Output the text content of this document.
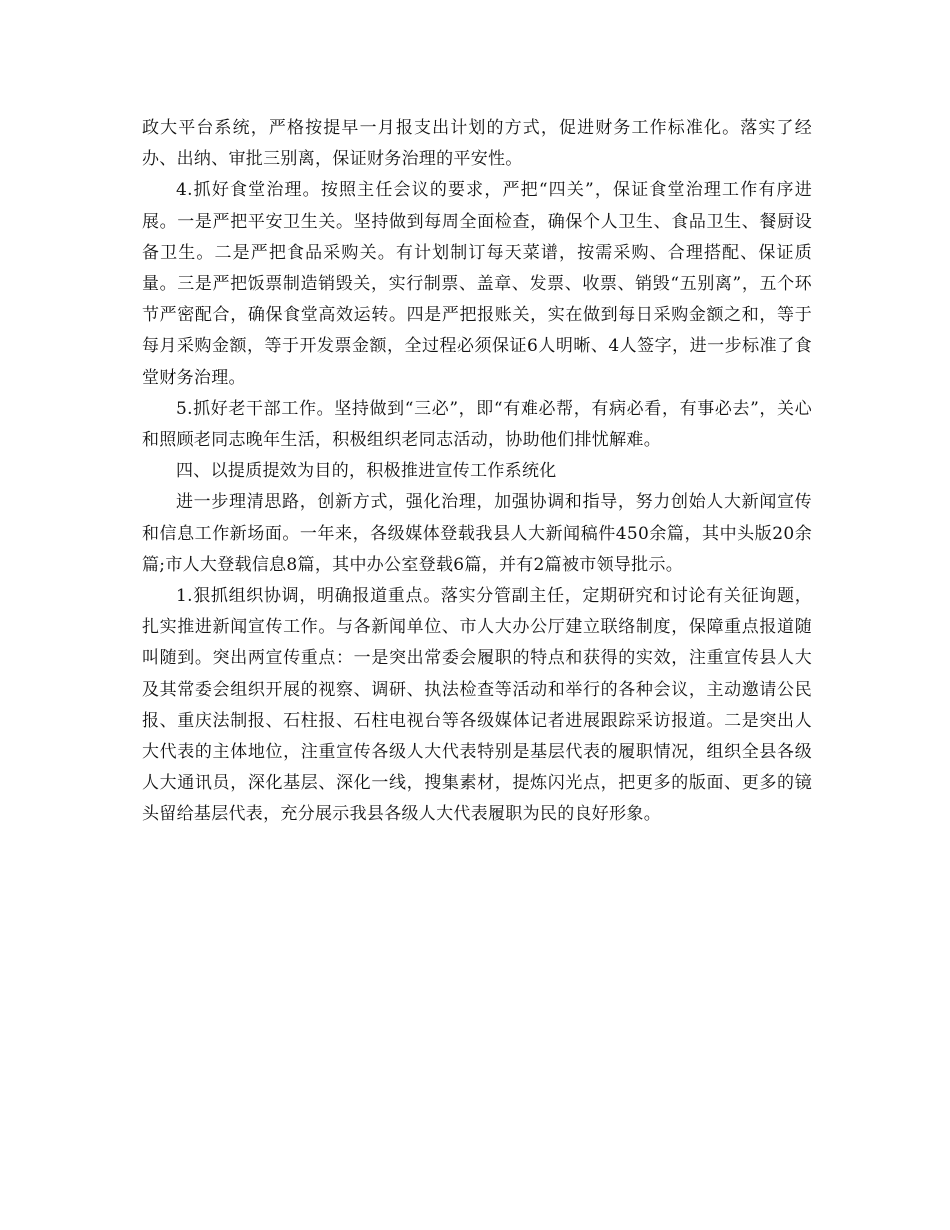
政大平台系统，严格按提早一月报支出计划的方式，促进财务工作标准化。落实了经办、出纳、审批三别离，保证财务治理的平安性。

4.抓好食堂治理。按照主任会议的要求，严把“四关”，保证食堂治理工作有序进展。一是严把平安卫生关。坚持做到每周全面检查，确保个人卫生、食品卫生、餐厨设备卫生。二是严把食品采购关。有计划制订每天菜谱，按需采购、合理搭配、保证质量。三是严把饭票制造销毁关，实行制票、盖章、发票、收票、销毁“五别离”，五个环节严密配合，确保食堂高效运转。四是严把报账关，实在做到每日采购金额之和，等于每月采购金额，等于开发票金额，全过程必须保证6人明晰、4人签字，进一步标准了食堂财务治理。

5.抓好老干部工作。坚持做到“三必”，即“有难必帮，有病必看，有事必去”，关心和照顾老同志晚年生活，积极组织老同志活动，协助他们排忧解难。

四、以提质提效为目的，积极推进宣传工作系统化

进一步理清思路，创新方式，强化治理，加强协调和指导，努力创始人大新闻宣传和信息工作新场面。一年来，各级媒体登载我县人大新闻稿件450余篇，其中头版20余篇;市人大登载信息8篇，其中办公室登载6篇，并有2篇被市领导批示。

1.狠抓组织协调，明确报道重点。落实分管副主任，定期研究和讨论有关征询题，扎实推进新闻宣传工作。与各新闻单位、市人大办公厅建立联络制度，保障重点报道随叫随到。突出两宣传重点：一是突出常委会履职的特点和获得的实效，注重宣传县人大及其常委会组织开展的视察、调研、执法检查等活动和举行的各种会议，主动邀请公民报、重庆法制报、石柱报、石柱电视台等各级媒体记者进展跟踪采访报道。二是突出人大代表的主体地位，注重宣传各级人大代表特别是基层代表的履职情况，组织全县各级人大通讯员，深化基层、深化一线，搜集素材，提炼闪光点，把更多的版面、更多的镜头留给基层代表，充分展示我县各级人大代表履职为民的良好形象。
